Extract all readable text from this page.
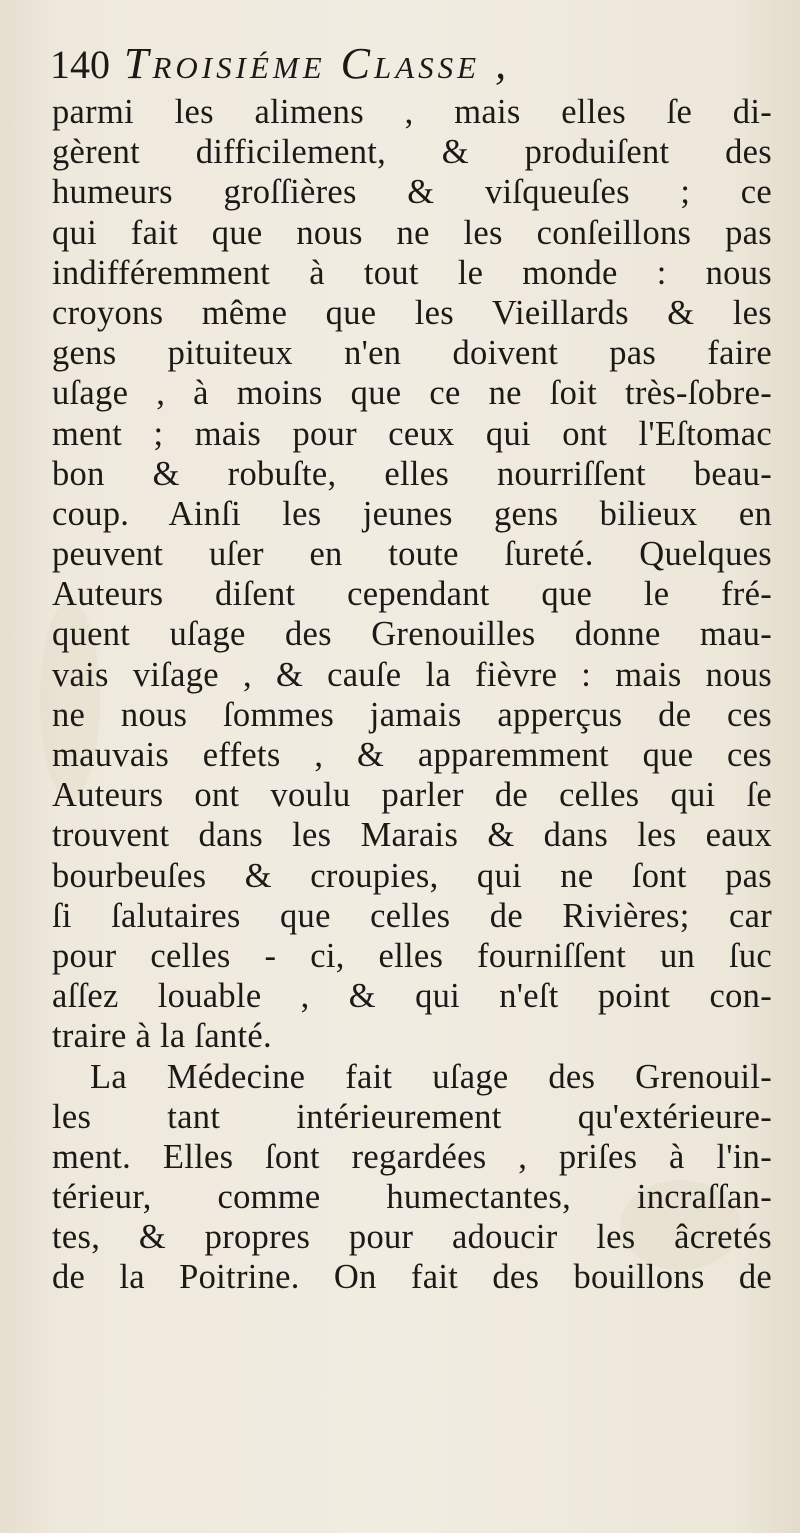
140 Troisiéme Classe ,
parmi les alimens , mais elles ſe di-
gèrent difficilement, & produiſent des
humeurs groſſières & viſqueuſes ; ce
qui fait que nous ne les conſeillons pas
indifféremment à tout le monde : nous
croyons même que les Vieillards & les
gens pituiteux n'en doivent pas faire
uſage , à moins que ce ne ſoit très-ſobre-
ment ; mais pour ceux qui ont l'Eſtomac
bon & robuſte, elles nourriſſent beau-
coup. Ainſi les jeunes gens bilieux en
peuvent uſer en toute ſureté. Quelques
Auteurs diſent cependant que le fré-
quent uſage des Grenouilles donne mau-
vais viſage , & cauſe la fièvre : mais nous
ne nous ſommes jamais apperçus de ces
mauvais effets , & apparemment que ces
Auteurs ont voulu parler de celles qui ſe
trouvent dans les Marais & dans les eaux
bourbeuſes & croupies, qui ne ſont pas
ſi ſalutaires que celles de Rivières; car
pour celles - ci, elles fourniſſent un ſuc
aſſez louable , & qui n'eſt point con-
traire à la ſanté.
La Médecine fait uſage des Grenouil-
les tant intérieurement qu'extérieure-
ment. Elles ſont regardées , priſes à l'in-
térieur, comme humectantes, incraſſan-
tes, & propres pour adoucir les âcretés
de la Poitrine. On fait des bouillons de
